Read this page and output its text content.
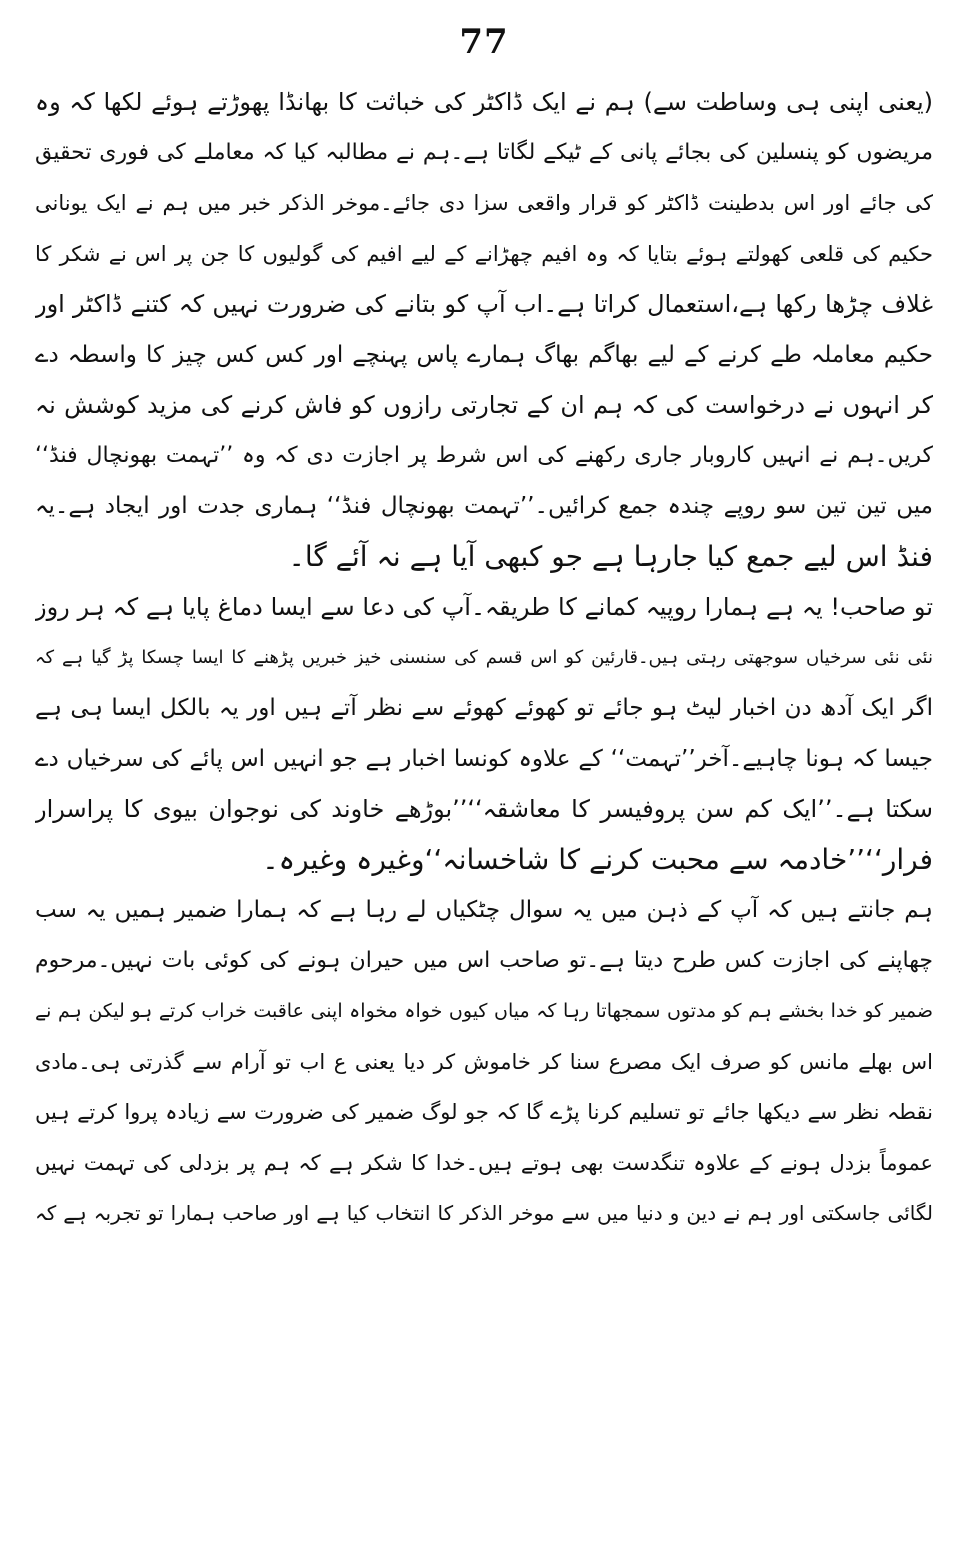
77
(یعنی اپنی ہی وساطت سے) ہم نے ایک ڈاکٹر کی خباثت کا بھانڈا پھوڑتے ہوئے لکھا کہ وہ
مریضوں کو پنسلین کی بجائے پانی کے ٹیکے لگاتا ہے۔ہم نے مطالبہ کیا کہ معاملے کی فوری تحقیق
کی جائے اور اس بدطینت ڈاکٹر کو قرار واقعی سزا دی جائے۔موخر الذکر خبر میں ہم نے ایک یونانی
حکیم کی قلعی کھولتے ہوئے بتایا کہ وہ افیم چھڑانے کے لیے افیم کی گولیوں کا جن پر اس نے شکر کا
غلاف چڑھا رکھا ہے،استعمال کراتا ہے۔اب آپ کو بتانے کی ضرورت نہیں کہ کتنے ڈاکٹر اور
حکیم معاملہ طے کرنے کے لیے بھاگم بھاگ ہمارے پاس پہنچے اور کس کس چیز کا واسطہ دے
کر انہوں نے درخواست کی کہ ہم ان کے تجارتی رازوں کو فاش کرنے کی مزید کوشش نہ
کریں۔ہم نے انہیں کاروبار جاری رکھنے کی اس شرط پر اجازت دی کہ وہ ’’تہمت بھونچال فنڈ‘‘
میں تین تین سو روپے چندہ جمع کرائیں۔’’تہمت بھونچال فنڈ‘‘ ہماری جدت اور ایجاد ہے۔یہ
فنڈ اس لیے جمع کیا جارہا ہے جو کبھی آیا ہے نہ آئے گا۔
تو صاحب! یہ ہے ہمارا روپیہ کمانے کا طریقہ۔آپ کی دعا سے ایسا دماغ پایا ہے کہ ہر روز
نئی نئی سرخیاں سوجھتی رہتی ہیں۔قارئین کو اس قسم کی سنسنی خیز خبریں پڑھنے کا ایسا چسکا پڑ گیا ہے کہ
اگر ایک آدھ دن اخبار لیٹ ہو جائے تو کھوئے کھوئے سے نظر آتے ہیں اور یہ بالکل ایسا ہی ہے
جیسا کہ ہونا چاہیے۔آخر’’تہمت‘‘ کے علاوہ کونسا اخبار ہے جو انہیں اس پائے کی سرخیاں دے
سکتا ہے۔’’ایک کم سن پروفیسر کا معاشقہ‘‘’’بوڑھے خاوند کی نوجوان بیوی کا پراسرار
فرار‘‘’’خادمہ سے محبت کرنے کا شاخسانہ‘‘وغیرہ وغیرہ۔
ہم جانتے ہیں کہ آپ کے ذہن میں یہ سوال چٹکیاں لے رہا ہے کہ ہمارا ضمیر ہمیں یہ سب
چھاپنے کی اجازت کس طرح دیتا ہے۔تو صاحب اس میں حیران ہونے کی کوئی بات نہیں۔مرحوم
ضمیر کو خدا بخشے ہم کو مدتوں سمجھاتا رہا کہ میاں کیوں خواہ مخواہ اپنی عاقبت خراب کرتے ہو لیکن ہم نے
اس بھلے مانس کو صرف ایک مصرع سنا کر خاموش کر دیا یعنی ع اب تو آرام سے گذرتی ہی۔مادی
نقطہ نظر سے دیکھا جائے تو تسلیم کرنا پڑے گا کہ جو لوگ ضمیر کی ضرورت سے زیادہ پروا کرتے ہیں
عموماً بزدل ہونے کے علاوہ تنگدست بھی ہوتے ہیں۔خدا کا شکر ہے کہ ہم پر بزدلی کی تہمت نہیں
لگائی جاسکتی اور ہم نے دین و دنیا میں سے موخر الذکر کا انتخاب کیا ہے اور صاحب ہمارا تو تجربہ ہے کہ
